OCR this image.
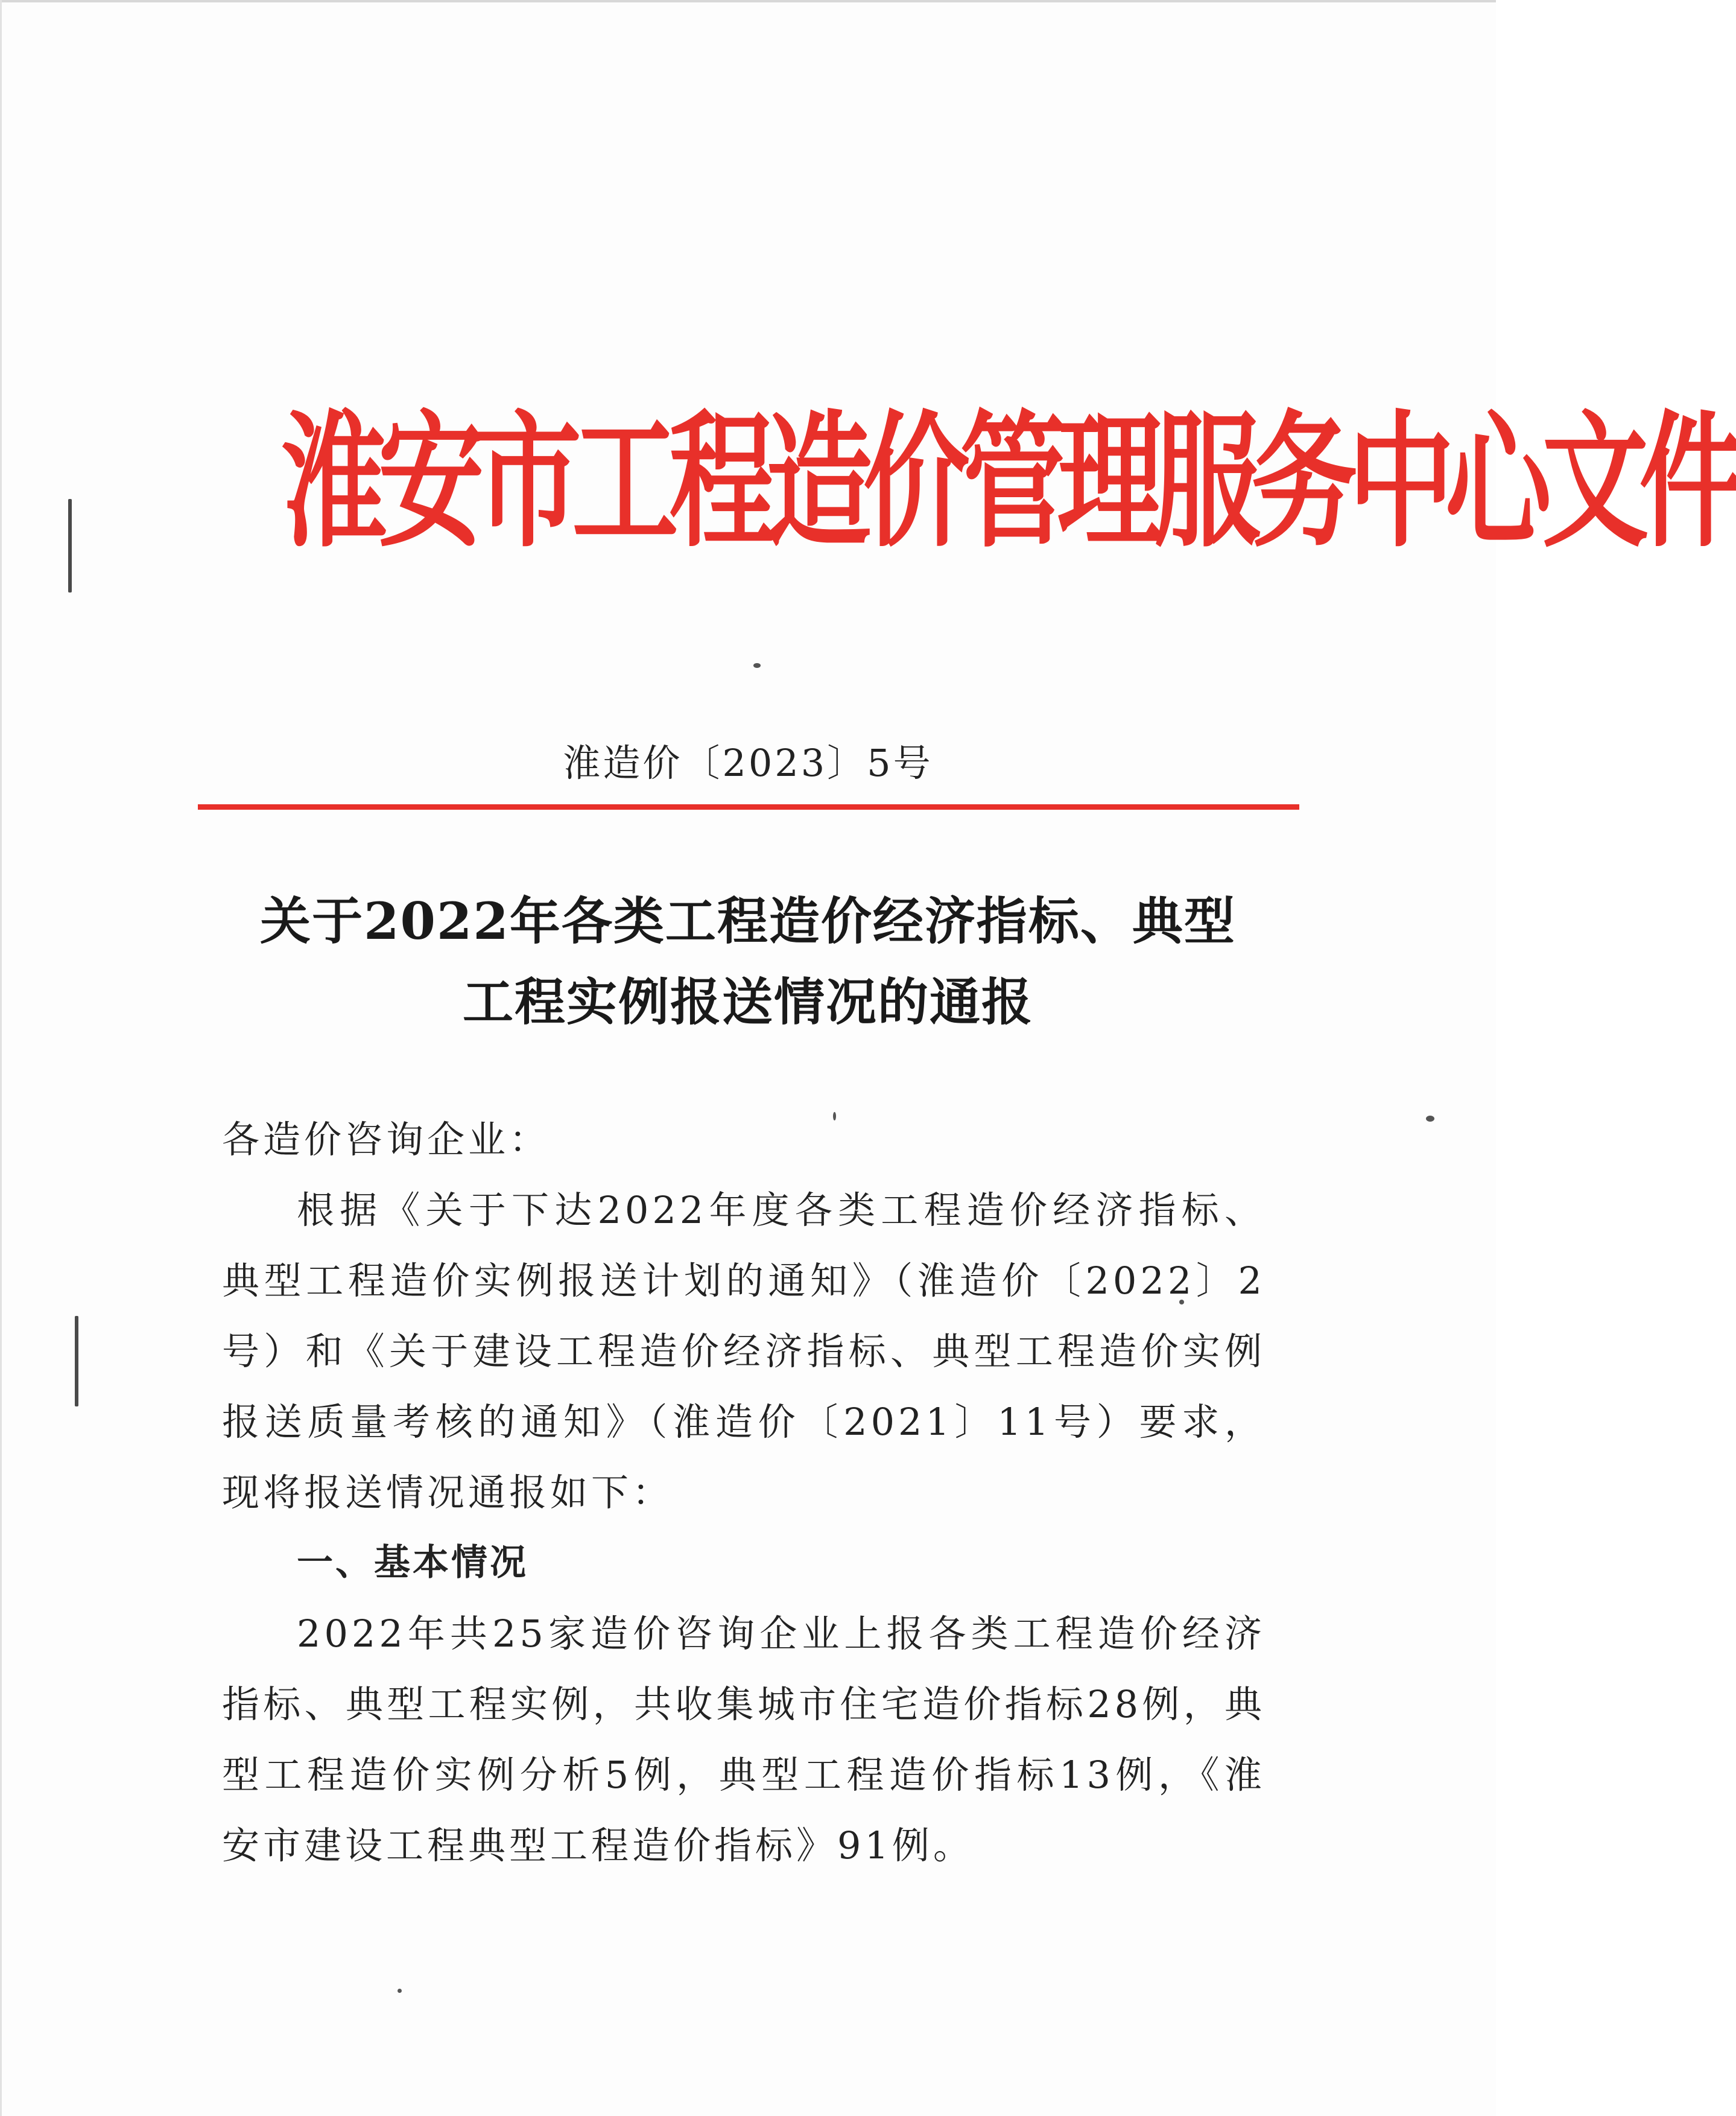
淮安市工程造价管理服务中心文件
淮造价〔2023〕5号
关于2022年各类工程造价经济指标、典型
工程实例报送情况的通报

各造价咨询企业：

根据《关于下达2022年度各类工程造价经济指标、典型工程造价实例报送计划的通知》（淮造价〔2022〕2号）和《关于建设工程造价经济指标、典型工程造价实例报送质量考核的通知》（淮造价〔2021〕11号）要求，现将报送情况通报如下：

一、基本情况

2022年共25家造价咨询企业上报各类工程造价经济指标、典型工程实例，共收集城市住宅造价指标28例，典型工程造价实例分析5例，典型工程造价指标13例，《淮安市建设工程典型工程造价指标》91例。
